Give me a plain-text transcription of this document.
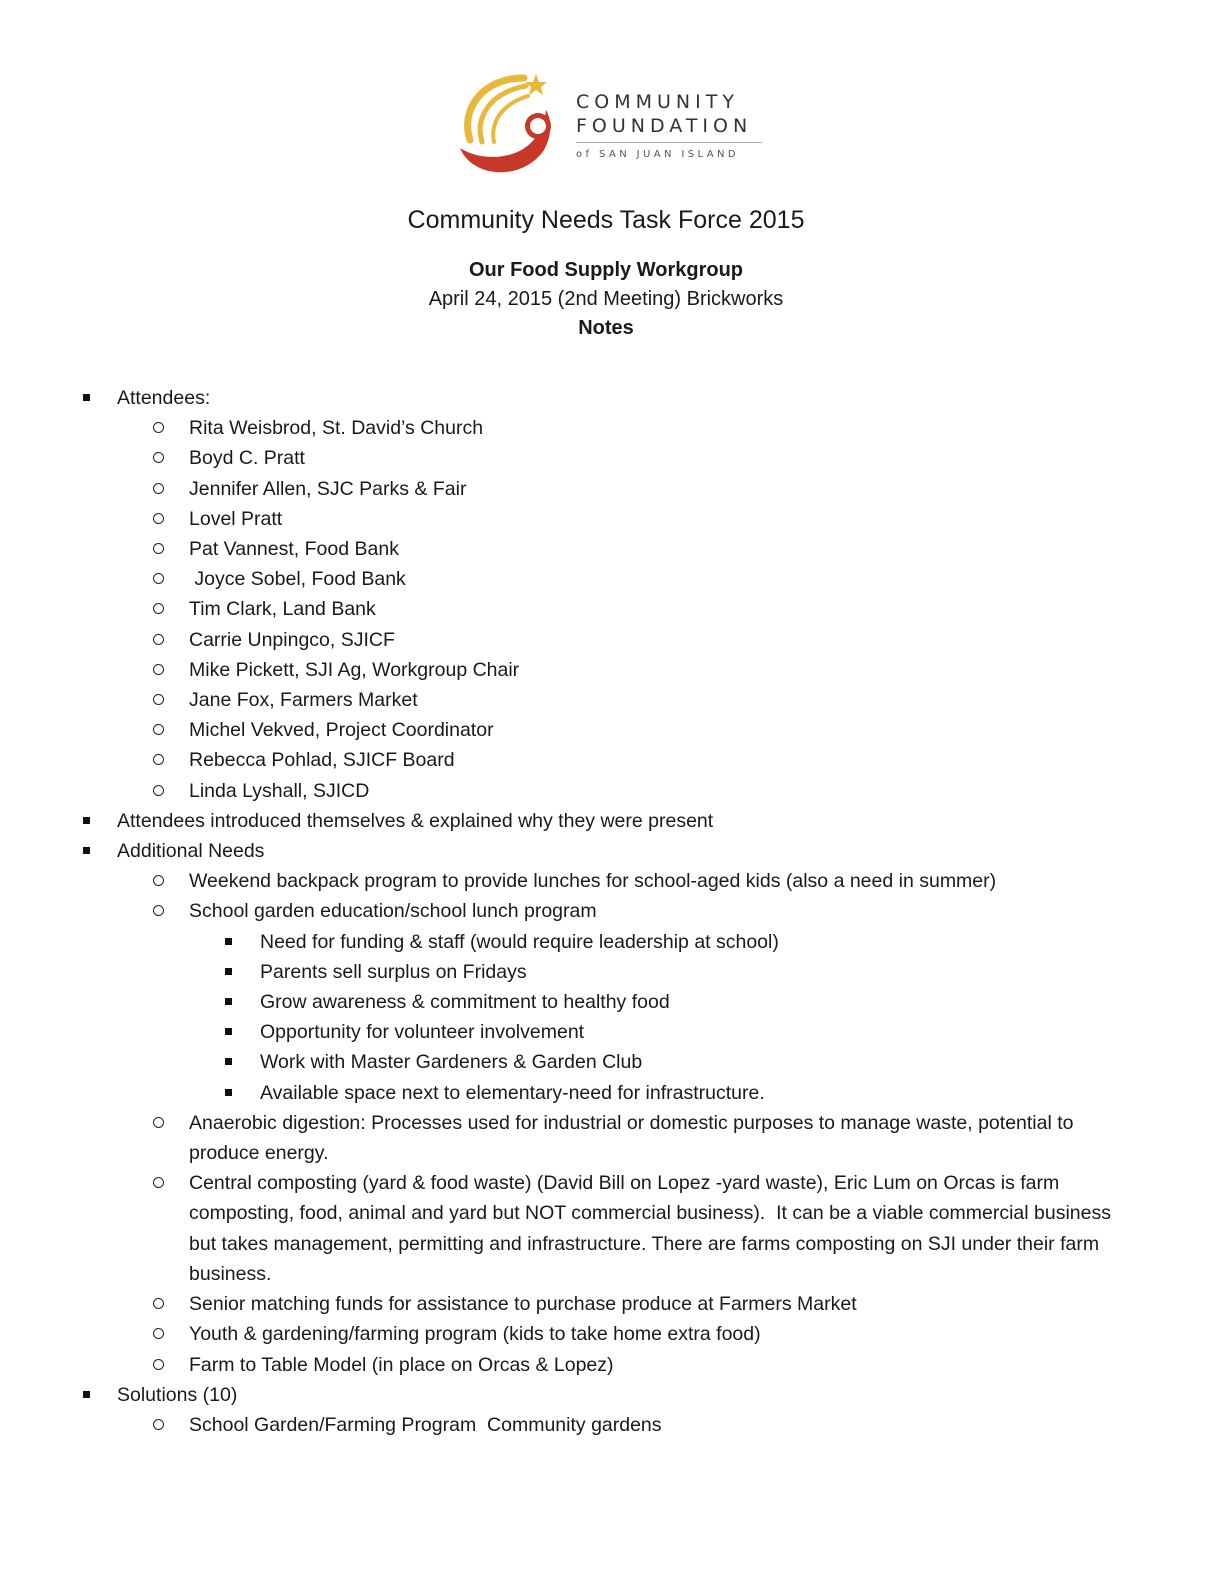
COMMUNITY
FOUNDATION
of SAN JUAN ISLAND
Community Needs Task Force 2015
Our Food Supply Workgroup
April 24, 2015 (2nd Meeting) Brickworks
Notes
Attendees:
Rita Weisbrod, St. David’s Church
Boyd C. Pratt
Jennifer Allen, SJC Parks & Fair
Lovel Pratt
Pat Vannest, Food Bank
Joyce Sobel, Food Bank
Tim Clark, Land Bank
Carrie Unpingco, SJICF
Mike Pickett, SJI Ag, Workgroup Chair
Jane Fox, Farmers Market
Michel Vekved, Project Coordinator
Rebecca Pohlad, SJICF Board
Linda Lyshall, SJICD
Attendees introduced themselves & explained why they were present
Additional Needs
Weekend backpack program to provide lunches for school-aged kids (also a need in summer)
School garden education/school lunch program
Need for funding & staff (would require leadership at school)
Parents sell surplus on Fridays
Grow awareness & commitment to healthy food
Opportunity for volunteer involvement
Work with Master Gardeners & Garden Club
Available space next to elementary-need for infrastructure.
Anaerobic digestion: Processes used for industrial or domestic purposes to manage waste, potential to produce energy.
Central composting (yard & food waste) (David Bill on Lopez -yard waste), Eric Lum on Orcas is farm composting, food, animal and yard but NOT commercial business).  It can be a viable commercial business but takes management, permitting and infrastructure. There are farms composting on SJI under their farm business.
Senior matching funds for assistance to purchase produce at Farmers Market
Youth & gardening/farming program (kids to take home extra food)
Farm to Table Model (in place on Orcas & Lopez)
Solutions (10)
School Garden/Farming Program  Community gardens
